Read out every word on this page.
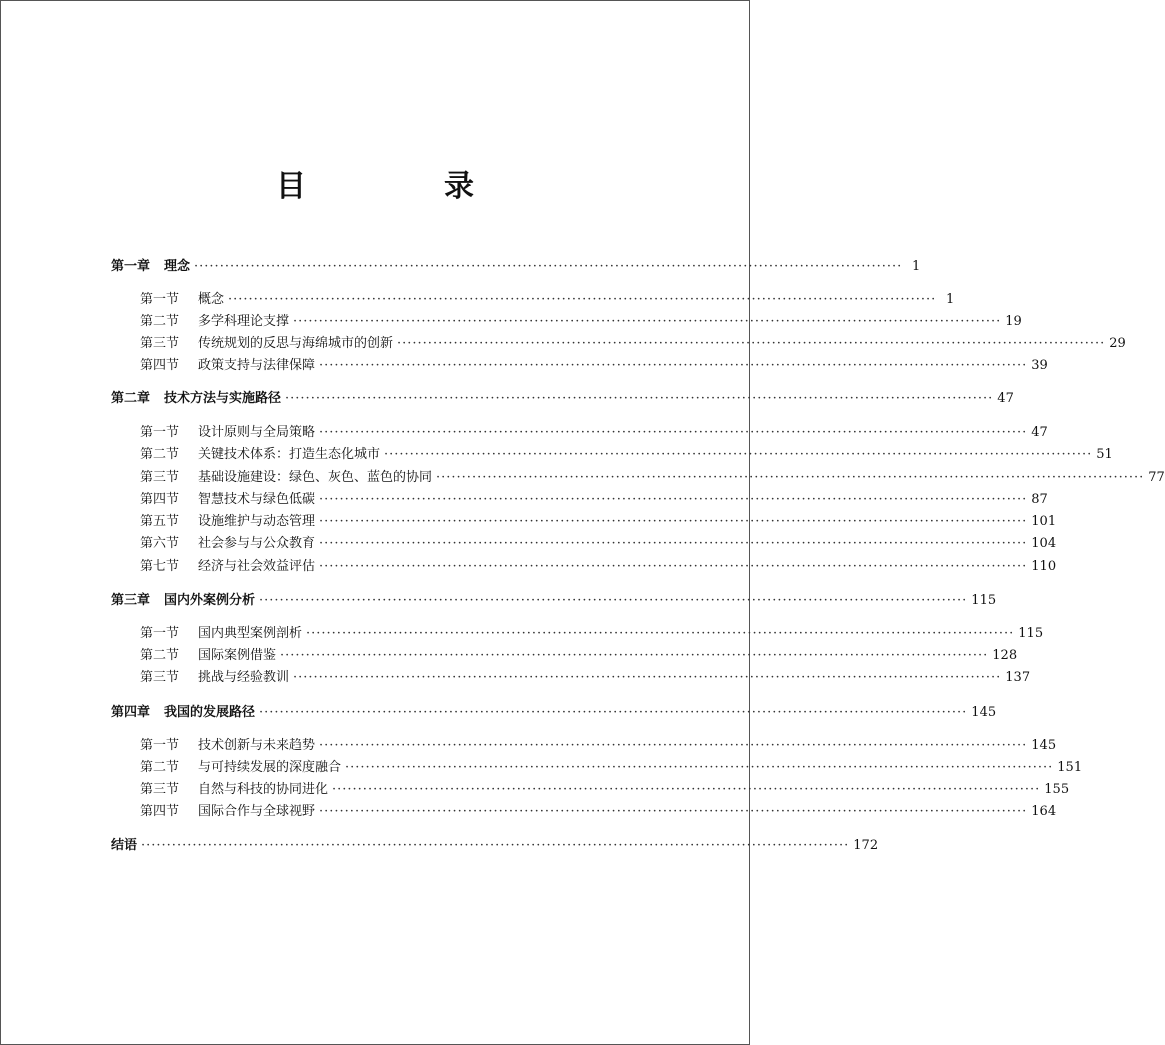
目　录
第一章 理念 ·········································································································································· 1
第一节 概念 ·········································································································································· 1
第二节 多学科理论支撑 ·········································································································································· 19
第三节 传统规划的反思与海绵城市的创新 ·········································································································································· 29
第四节 政策支持与法律保障 ·········································································································································· 39
第二章 技术方法与实施路径 ·········································································································································· 47
第一节 设计原则与全局策略 ·········································································································································· 47
第二节 关键技术体系：打造生态化城市 ·········································································································································· 51
第三节 基础设施建设：绿色、灰色、蓝色的协同 ·········································································································································· 77
第四节 智慧技术与绿色低碳 ·········································································································································· 87
第五节 设施维护与动态管理 ·········································································································································· 101
第六节 社会参与与公众教育 ·········································································································································· 104
第七节 经济与社会效益评估 ·········································································································································· 110
第三章 国内外案例分析 ·········································································································································· 115
第一节 国内典型案例剖析 ·········································································································································· 115
第二节 国际案例借鉴 ·········································································································································· 128
第三节 挑战与经验教训 ·········································································································································· 137
第四章 我国的发展路径 ·········································································································································· 145
第一节 技术创新与未来趋势 ·········································································································································· 145
第二节 与可持续发展的深度融合 ·········································································································································· 151
第三节 自然与科技的协同进化 ·········································································································································· 155
第四节 国际合作与全球视野 ·········································································································································· 164
结语 ·········································································································································· 172
